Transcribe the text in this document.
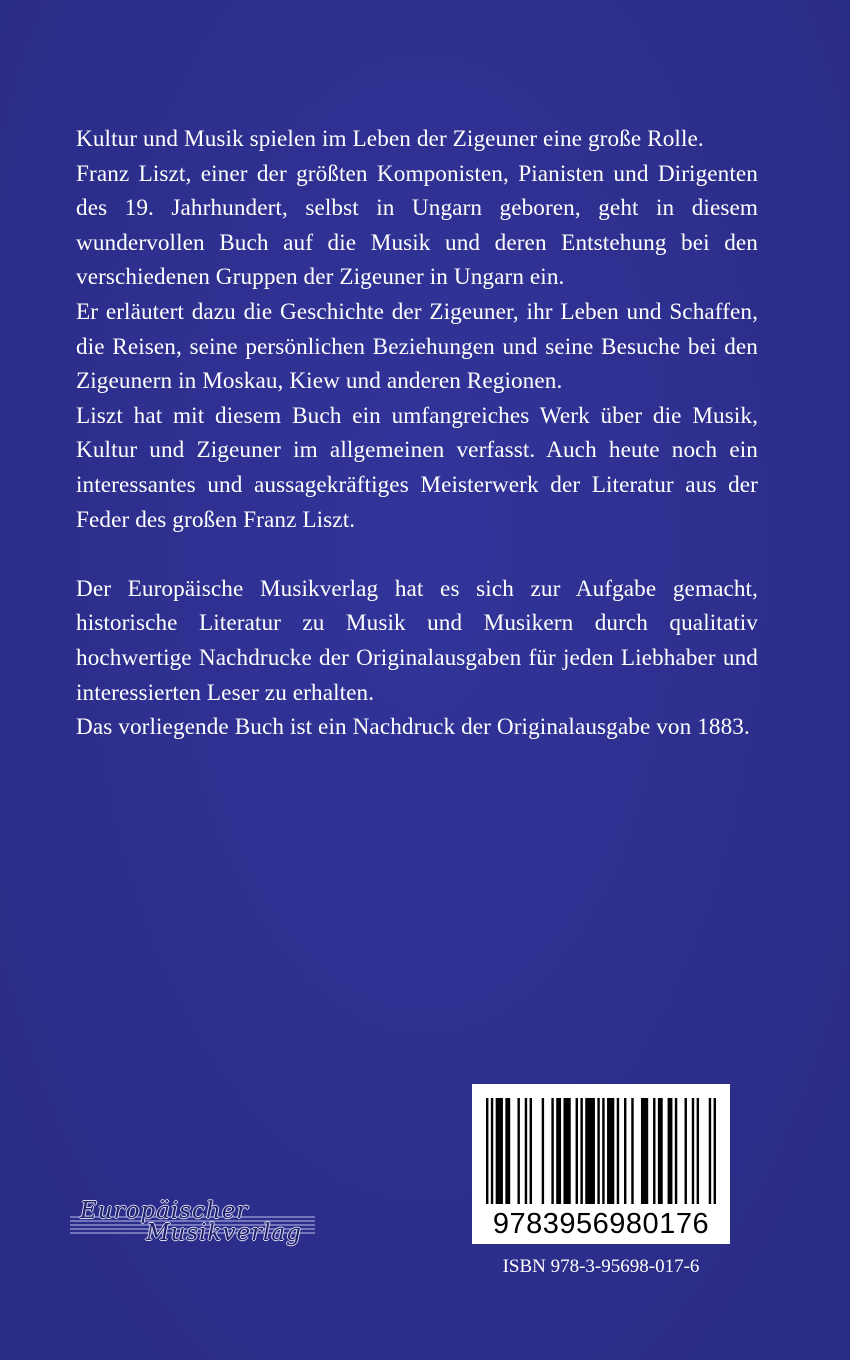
Kultur und Musik spielen im Leben der Zigeuner eine große Rolle.

Franz Liszt, einer der größten Komponisten, Pianisten und Dirigenten des 19. Jahrhundert, selbst in Ungarn geboren, geht in diesem wundervollen Buch auf die Musik und deren Entstehung bei den verschiedenen Gruppen der Zigeuner in Ungarn ein.

Er erläutert dazu die Geschichte der Zigeuner, ihr Leben und Schaffen, die Reisen, seine persönlichen Beziehungen und seine Besuche bei den Zigeunern in Moskau, Kiew und anderen Regionen.

Liszt hat mit diesem Buch ein umfangreiches Werk über die Musik, Kultur und Zigeuner im allgemeinen verfasst. Auch heute noch ein interessantes und aussagekräftiges Meisterwerk der Literatur aus der Feder des großen Franz Liszt.

Der Europäische Musikverlag hat es sich zur Aufgabe gemacht, historische Literatur zu Musik und Musikern durch qualitativ hochwertige Nachdrucke der Originalausgaben für jeden Liebhaber und interessierten Leser zu erhalten.

Das vorliegende Buch ist ein Nachdruck der Originalausgabe von 1883.

Europäischer
Musikverlag	9783956980176
ISBN 978-3-95698-017-6
